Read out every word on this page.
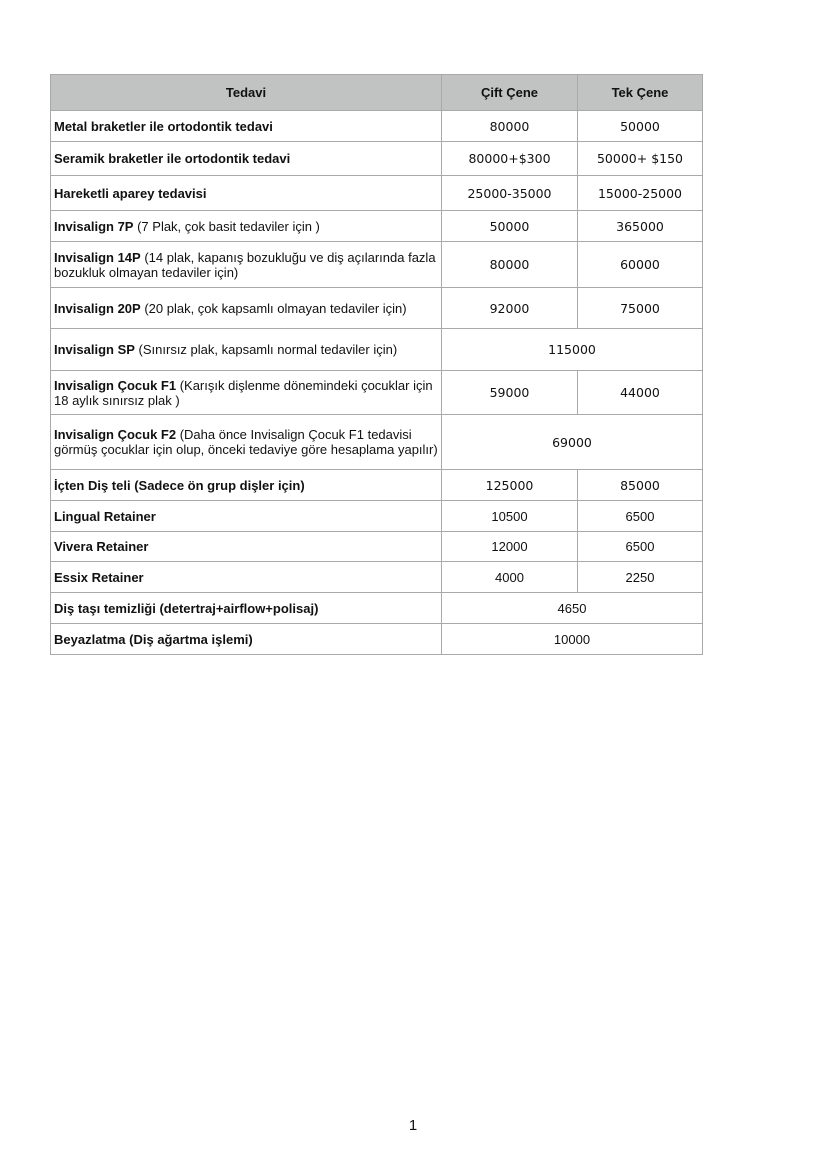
Tedavi	Çift Çene	Tek Çene
Metal braketler ile ortodontik tedavi	80000	50000
Seramik braketler ile ortodontik tedavi	80000+$300	50000+ $150
Hareketli aparey tedavisi	25000-35000	15000-25000
Invisalign 7P (7 Plak, çok basit tedaviler için )	50000	365000
Invisalign 14P (14 plak, kapanış bozukluğu ve diş açılarında fazla bozukluk olmayan tedaviler için)	80000	60000
Invisalign 20P (20 plak, çok kapsamlı olmayan tedaviler için)	92000	75000
Invisalign SP (Sınırsız plak, kapsamlı normal tedaviler için)	115000	
Invisalign Çocuk F1 (Karışık dişlenme dönemindeki çocuklar için 18 aylık sınırsız plak )	59000	44000
Invisalign Çocuk F2 (Daha önce Invisalign Çocuk F1 tedavisi görmüş çocuklar için olup, önceki tedaviye göre hesaplama yapılır)	69000	
İçten Diş teli (Sadece ön grup dişler için)	125000	85000
Lingual Retainer	10500	6500
Vivera Retainer	12000	6500
Essix Retainer	4000	2250
Diş taşı temizliği (detertraj+airflow+polisaj)	4650	
Beyazlatma (Diş ağartma işlemi)	10000	
1
